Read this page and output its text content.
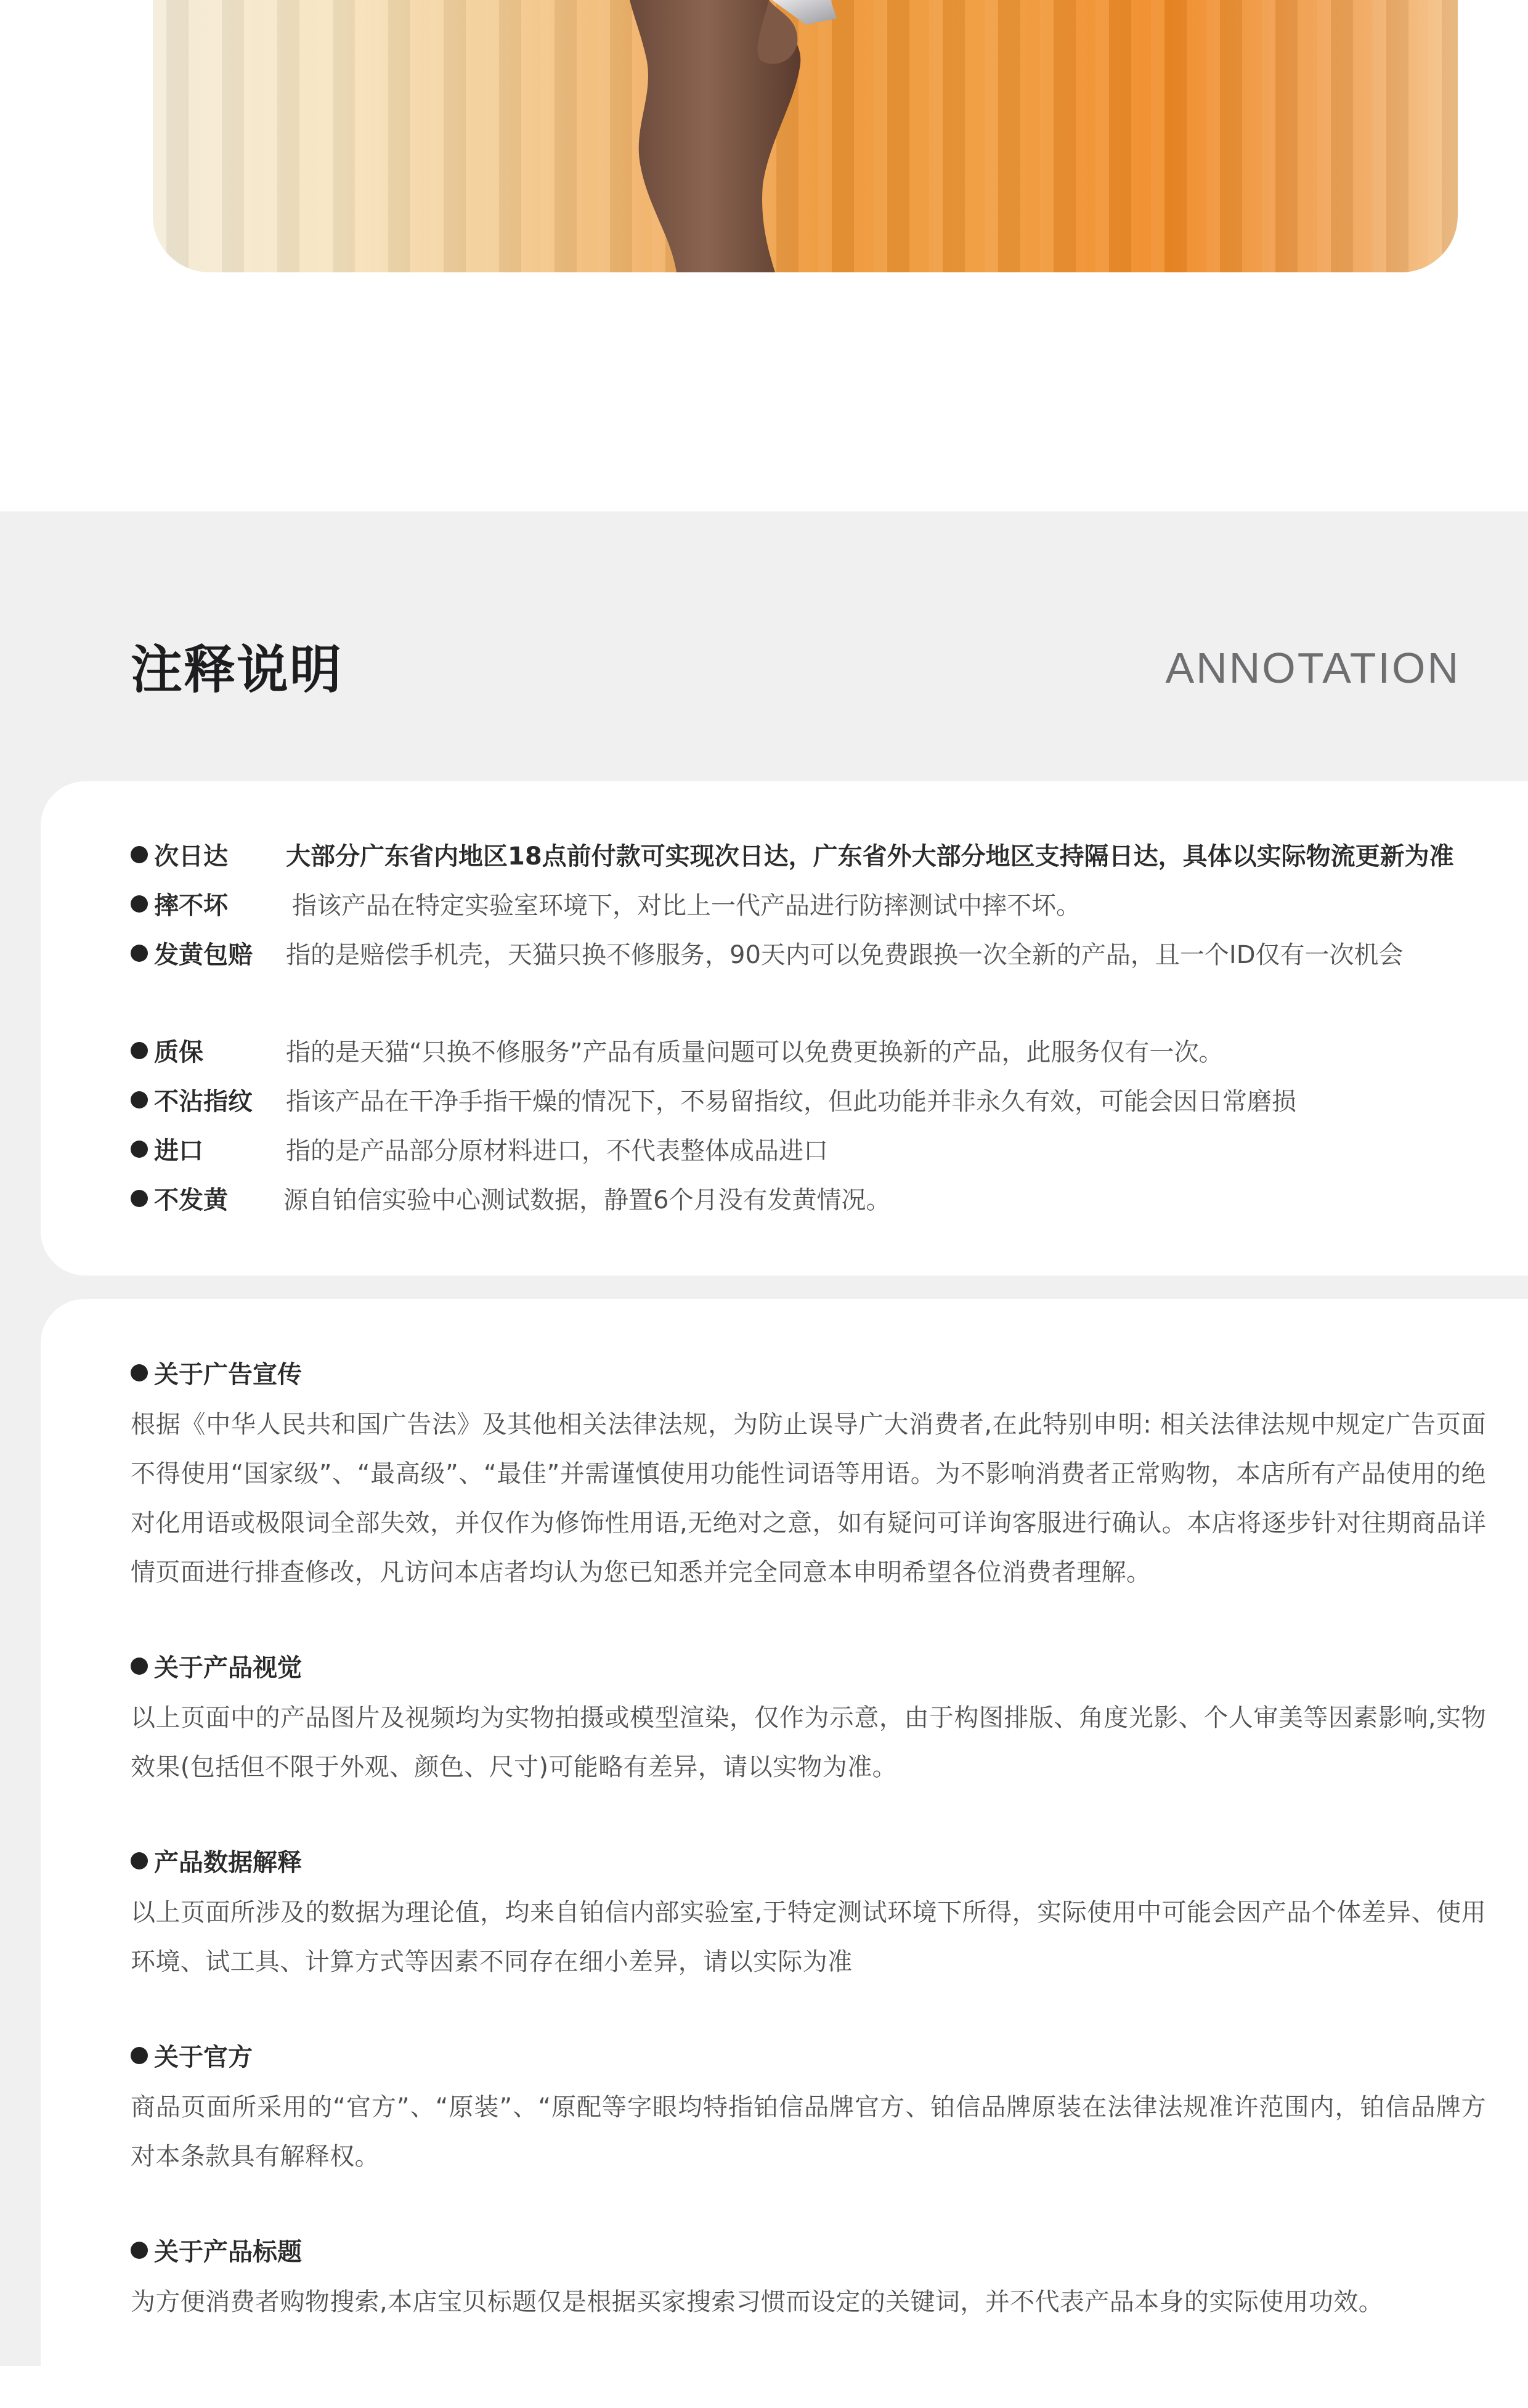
注释说明	ANNOTATION
次日达 大部分广东省内地区18点前付款可实现次日达，广东省外大部分地区支持隔日达，具体以实际物流更新为准
摔不坏	指该产品在特定实验室环境下，对比上一代产品进行防摔测试中摔不坏。
发黄包赔 指的是赔偿手机壳，天猫只换不修服务，90天内可以免费跟换一次全新的产品，且一个ID仅有一次机会
质保	指的是天猫“只换不修服务”产品有质量问题可以免费更换新的产品，此服务仅有一次。
不沾指纹 指该产品在干净手指干燥的情况下，不易留指纹，但此功能并非永久有效，可能会因日常磨损
进口	指的是产品部分原材料进口，不代表整体成品进口
不发黄 源自铂信实验中心测试数据，静置6个月没有发黄情况。
关于广告宣传

根据《中华人民共和国广告法》及其他相关法律法规，为防止误导广大消费者,在此特别申明: 相关法律法规中规定广告页面不得使用“国家级”、“最高级”、“最佳”并需谨慎使用功能性词语等用语。为不影响消费者正常购物，本店所有产品使用的绝对化用语或极限词全部失效，并仅作为修饰性用语,无绝对之意，如有疑问可详询客服进行确认。本店将逐步针对往期商品详情页面进行排查修改，凡访问本店者均认为您已知悉并完全同意本申明希望各位消费者理解。

关于产品视觉

以上页面中的产品图片及视频均为实物拍摄或模型渲染，仅作为示意，由于构图排版、角度光影、个人审美等因素影响,实物效果(包括但不限于外观、颜色、尺寸)可能略有差异，请以实物为准。

产品数据解释

以上页面所涉及的数据为理论值，均来自铂信内部实验室,于特定测试环境下所得，实际使用中可能会因产品个体差异、使用环境、试工具、计算方式等因素不同存在细小差异，请以实际为准

关于官方

商品页面所采用的“官方”、“原装”、“原配等字眼均特指铂信品牌官方、铂信品牌原装在法律法规准许范围内，铂信品牌方对本条款具有解释权。

关于产品标题

为方便消费者购物搜索,本店宝贝标题仅是根据买家搜索习惯而设定的关键词，并不代表产品本身的实际使用功效。
